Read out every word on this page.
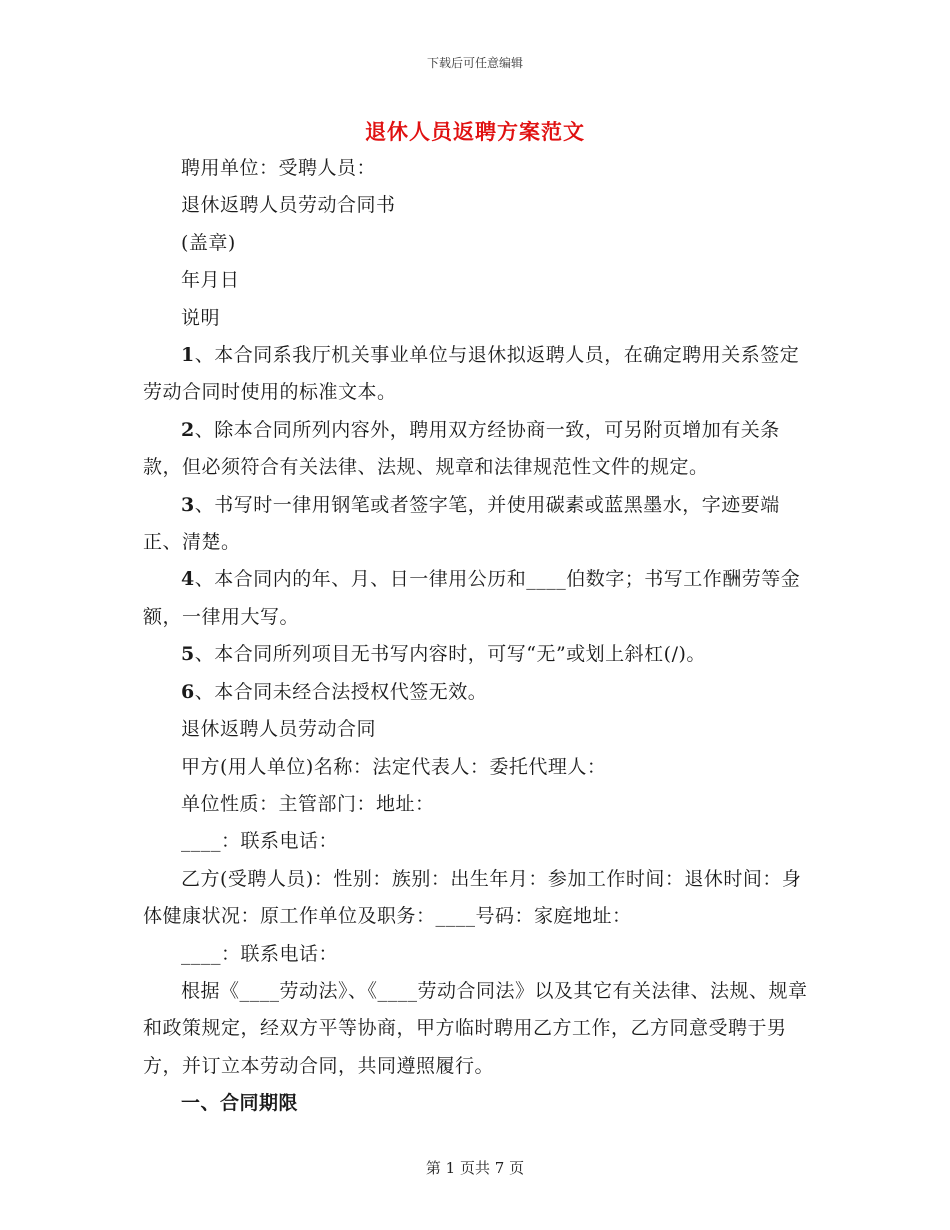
下载后可任意编辑
退休人员返聘方案范文

聘用单位：受聘人员：

退休返聘人员劳动合同书

(盖章)

年月日

说明

1、本合同系我厅机关事业单位与退休拟返聘人员，在确定聘用关系签定劳动合同时使用的标准文本。

2、除本合同所列内容外，聘用双方经协商一致，可另附页增加有关条款，但必须符合有关法律、法规、规章和法律规范性文件的规定。

3、书写时一律用钢笔或者签字笔，并使用碳素或蓝黑墨水，字迹要端正、清楚。

4、本合同内的年、月、日一律用公历和____伯数字；书写工作酬劳等金额，一律用大写。

5、本合同所列项目无书写内容时，可写“无”或划上斜杠(/)。

6、本合同未经合法授权代签无效。

退休返聘人员劳动合同

甲方(用人单位)名称：法定代表人：委托代理人：

单位性质：主管部门：地址：

____：联系电话：

乙方(受聘人员)：性别：族别：出生年月：参加工作时间：退休时间：身体健康状况：原工作单位及职务：____号码：家庭地址：

____：联系电话：

根据《____劳动法》、《____劳动合同法》以及其它有关法律、法规、规章和政策规定，经双方平等协商，甲方临时聘用乙方工作，乙方同意受聘于男方，并订立本劳动合同，共同遵照履行。

一、合同期限

第 1 页共 7 页
